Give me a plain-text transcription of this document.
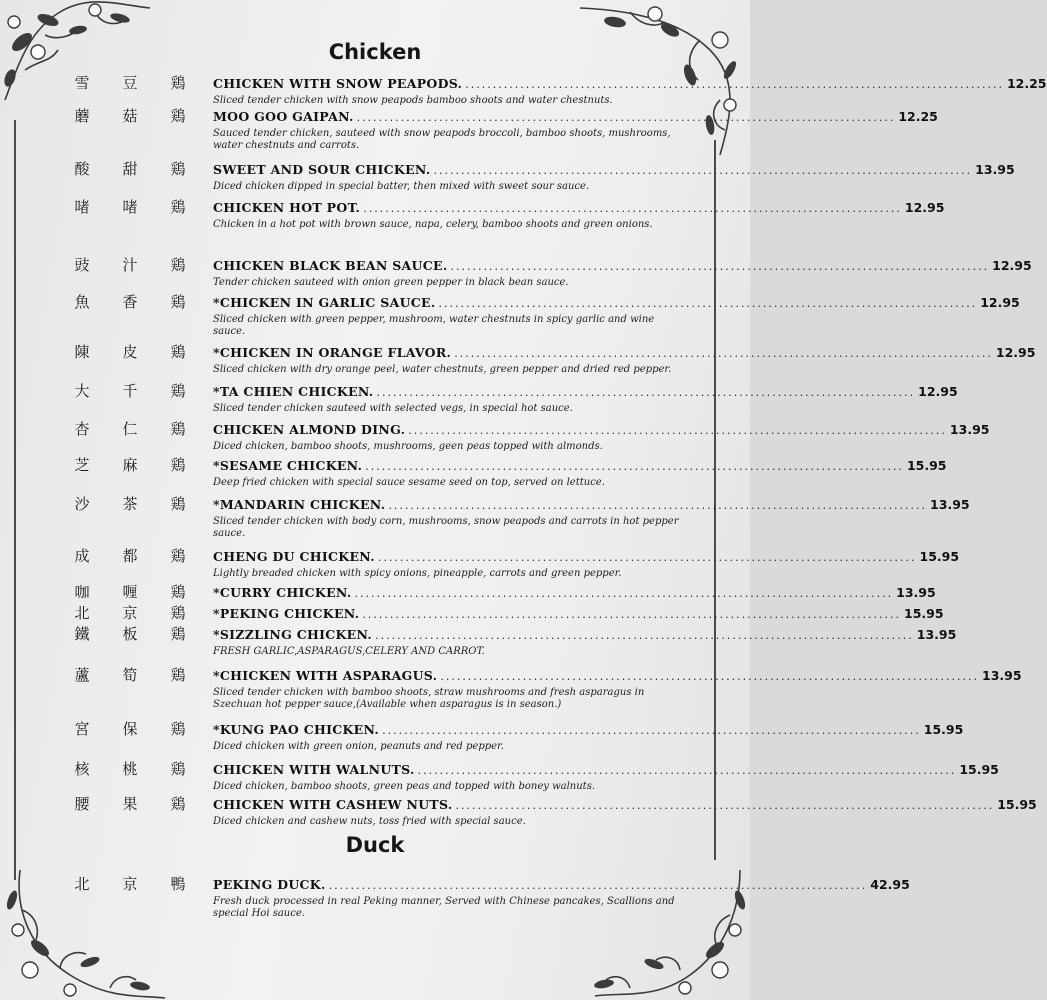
Chicken
雪	豆	鶏	CHICKEN WITH SNOW PEAPODS. .................................................................................................. 12.25
Sliced tender chicken with snow peapods bamboo shoots and water chestnuts.
蘑	菇	鶏	MOO GOO GAIPAN. .................................................................................................. 12.25
Sauced tender chicken, sauteed with snow peapods broccoli, bamboo shoots, mushrooms, water chestnuts and carrots.
酸	甜	鶏	SWEET AND SOUR CHICKEN. .................................................................................................. 13.95
Diced chicken dipped in special batter, then mixed with sweet sour sauce.
啫	啫	鶏	CHICKEN HOT POT. .................................................................................................. 12.95
Chicken in a hot pot with brown sauce, napa, celery, bamboo shoots and green onions.
豉	汁	鶏	CHICKEN BLACK BEAN SAUCE. .................................................................................................. 12.95
Tender chicken sauteed with onion green pepper in black bean sauce.
魚	香	鶏	*CHICKEN IN GARLIC SAUCE. .................................................................................................. 12.95
Sliced chicken with green pepper, mushroom, water chestnuts in spicy garlic and wine sauce.
陳	皮	鶏	*CHICKEN IN ORANGE FLAVOR. .................................................................................................. 12.95
Sliced chicken with dry orange peel, water chestnuts, green pepper and dried red pepper.
大	千	鶏	*TA CHIEN CHICKEN. .................................................................................................. 12.95
Sliced tender chicken sauteed with selected vegs, in special hot sauce.
杏	仁	鶏	CHICKEN ALMOND DING. .................................................................................................. 13.95
Diced chicken, bamboo shoots, mushrooms, geen peas topped with almonds.
芝	麻	鶏	*SESAME CHICKEN. .................................................................................................. 15.95
Deep fried chicken with special sauce sesame seed on top, served on lettuce.
沙	茶	鶏	*MANDARIN CHICKEN. .................................................................................................. 13.95
Sliced tender chicken with body corn, mushrooms, snow peapods and carrots in hot pepper sauce.
成	都	鶏	CHENG DU CHICKEN. .................................................................................................. 15.95
Lightly breaded chicken with spicy onions, pineapple, carrots and green pepper.
咖	喱	鶏	*CURRY CHICKEN. .................................................................................................. 13.95
北	京	鶏	*PEKING CHICKEN. .................................................................................................. 15.95
鐵	板	鶏	*SIZZLING CHICKEN. .................................................................................................. 13.95
FRESH GARLIC,ASPARAGUS,CELERY AND CARROT.
蘆	筍	鶏	*CHICKEN WITH ASPARAGUS. .................................................................................................. 13.95
Sliced tender chicken with bamboo shoots, straw mushrooms and fresh asparagus in Szechuan hot pepper sauce,(Available when asparagus is in season.)
宮	保	鶏	*KUNG PAO CHICKEN. .................................................................................................. 15.95
Diced chicken with green onion, peanuts and red pepper.
核	桃	鶏	CHICKEN WITH WALNUTS. .................................................................................................. 15.95
Diced chicken, bamboo shoots, green peas and topped with boney walnuts.
腰	果	鶏	CHICKEN WITH CASHEW NUTS. .................................................................................................. 15.95
Diced chicken and cashew nuts, toss fried with special sauce.
北	京	鴨	PEKING DUCK. .................................................................................................. 42.95
Fresh duck processed in real Peking manner, Served with Chinese pancakes, Scallions and special Hoi sauce.
Duck
